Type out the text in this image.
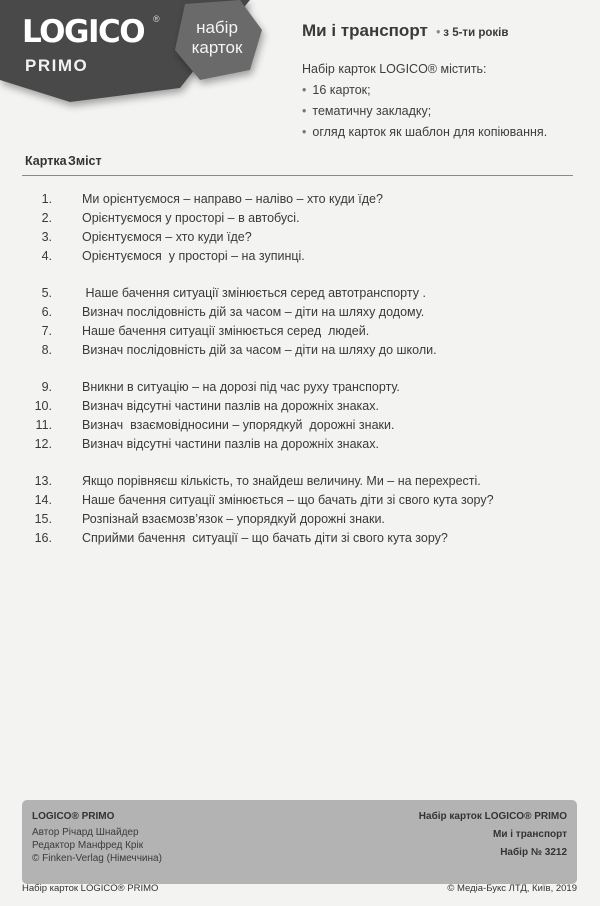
LOGICO ®
PRIMO
набір
карток
Ми і транспорт • з 5-ти років
Набір карток LOGICO® містить:
• 16 карток;
• тематичну закладку;
• огляд карток як шаблон для копіювання.
Картка Зміст
1. Ми орієнтуємося – направо – наліво – хто куди їде?
2. Орієнтуємося у просторі – в автобусі.
3. Орієнтуємося – хто куди їде?
4. Орієнтуємося  у просторі – на зупинці.
5. Наше бачення ситуації змінюється серед автотранспорту .
6. Визнач послідовність дій за часом – діти на шляху додому.
7. Наше бачення ситуації змінюється серед  людей.
8. Визнач послідовність дій за часом – діти на шляху до школи.
9. Вникни в ситуацію – на дорозі під час руху транспорту.
10. Визнач відсутні частини пазлів на дорожніх знаках.
11. Визнач  взаємовідносини – упорядкуй  дорожні знаки.
12. Визнач відсутні частини пазлів на дорожніх знаках.
13. Якщо порівняєш кількість, то знайдеш величину. Ми – на перехресті.
14. Наше бачення ситуації змінюється – що бачать діти зі свого кута зору?
15. Розпізнай взаємозв’язок – упорядкуй дорожні знаки.
16. Сприйми бачення  ситуації – що бачать діти зі свого кута зору?
LOGICO® PRIMO
Автор Річард Шнайдер
Редактор Манфред Крік
© Finken-Verlag (Німеччина)
Набір карток LOGICO® PRIMO
Ми і транспорт
Набір № 3212
Набір карток LOGICO® PRIMO	© Медіа-Букс ЛТД, Київ, 2019
